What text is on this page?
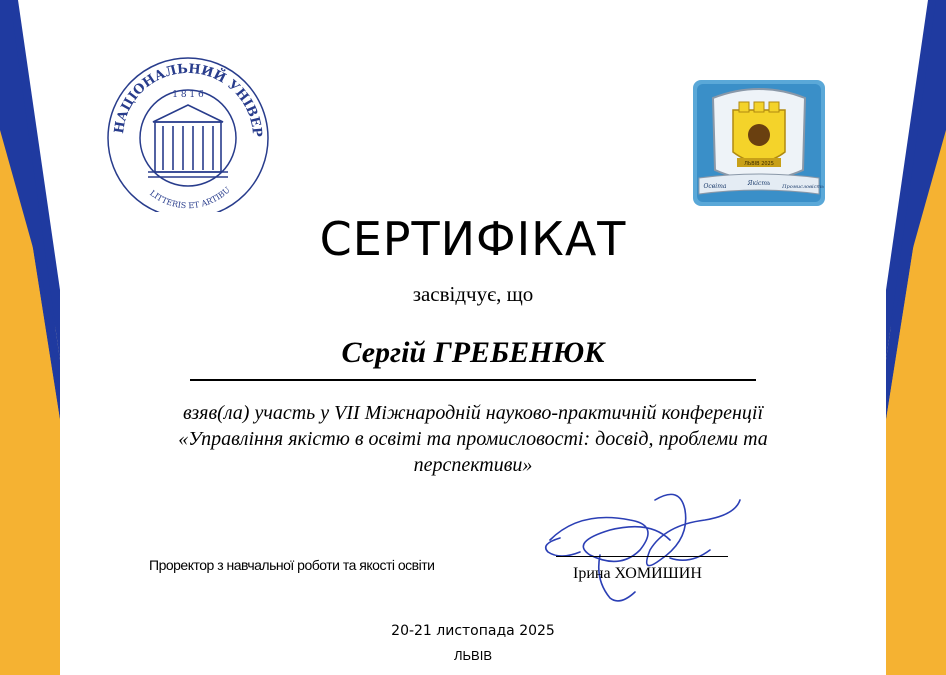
НАЦІОНАЛЬНИЙ УНІВЕР
LITTERIS ET ARTIBU
1 8 1 6
ЛЬВІВ 2025
Освіта	Якість Промисловість
СЕРТИФІКАТ
засвідчує, що
Сергій ГРЕБЕНЮК
взяв(ла) участь у VІІ Міжнародній науково-практичній конференції
«Управління якістю в освіті та промисловості: досвід, проблеми та перспективи»
Проректор з навчальної роботи та якості освіти	Ірина ХОМИШИН
20-21 листопада 2025
ЛЬВІВ
